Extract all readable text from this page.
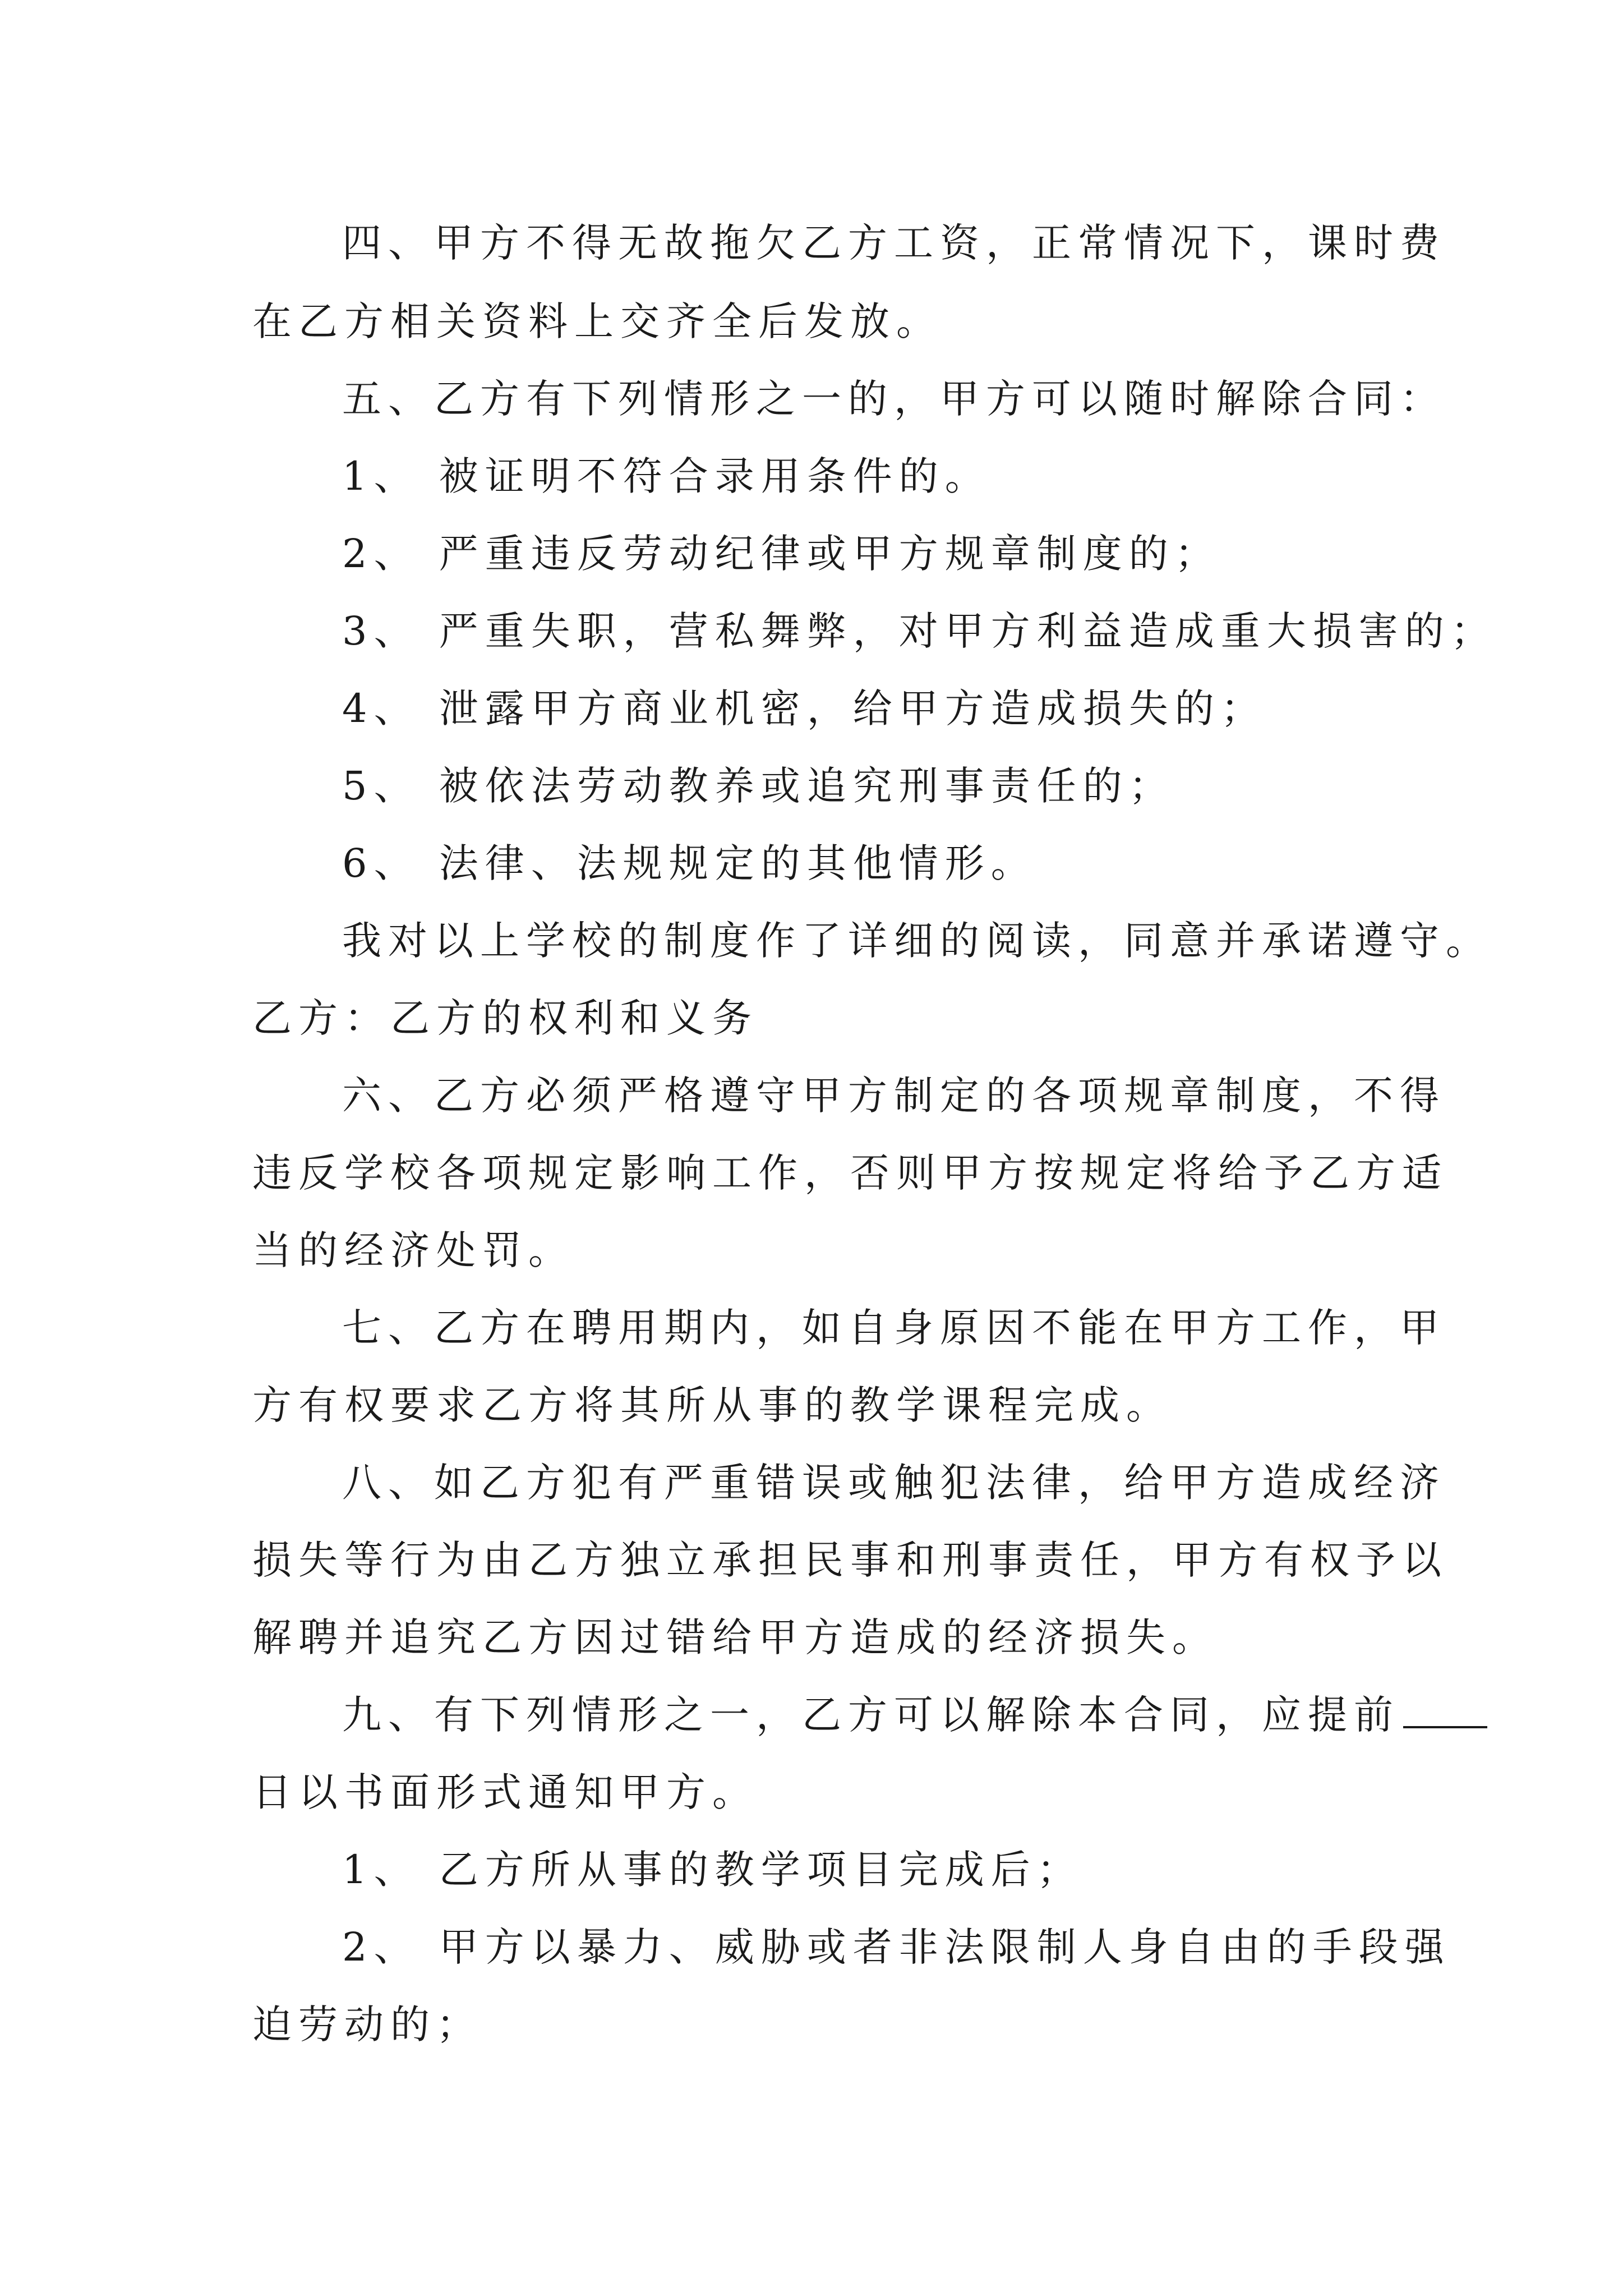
四、甲方不得无故拖欠乙方工资，正常情况下，课时费
在乙方相关资料上交齐全后发放。
五、乙方有下列情形之一的，甲方可以随时解除合同：
1、 被证明不符合录用条件的。
2、 严重违反劳动纪律或甲方规章制度的；
3、 严重失职，营私舞弊，对甲方利益造成重大损害的；
4、 泄露甲方商业机密，给甲方造成损失的；
5、 被依法劳动教养或追究刑事责任的；
6、 法律、法规规定的其他情形。
我对以上学校的制度作了详细的阅读，同意并承诺遵守。
乙方：乙方的权利和义务
六、乙方必须严格遵守甲方制定的各项规章制度，不得
违反学校各项规定影响工作，否则甲方按规定将给予乙方适
当的经济处罚。
七、乙方在聘用期内，如自身原因不能在甲方工作，甲
方有权要求乙方将其所从事的教学课程完成。
八、如乙方犯有严重错误或触犯法律，给甲方造成经济
损失等行为由乙方独立承担民事和刑事责任，甲方有权予以
解聘并追究乙方因过错给甲方造成的经济损失。
九、有下列情形之一，乙方可以解除本合同，应提前
日以书面形式通知甲方。
1、 乙方所从事的教学项目完成后；
2、 甲方以暴力、威胁或者非法限制人身自由的手段强
迫劳动的；
